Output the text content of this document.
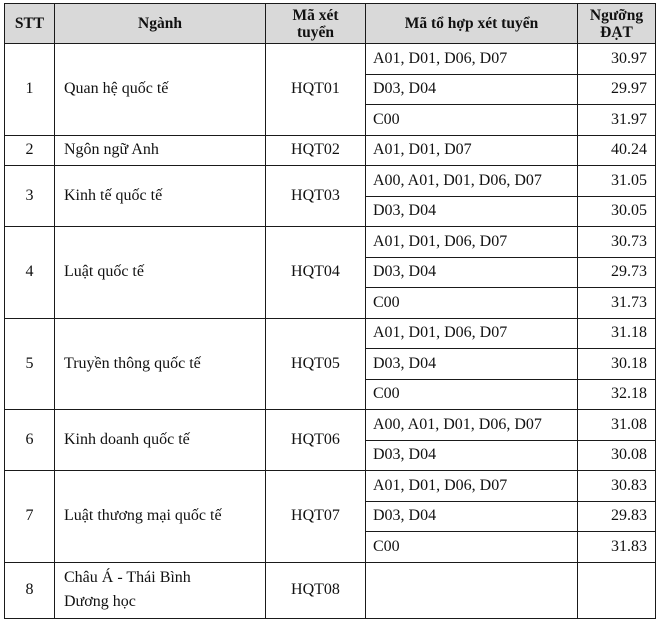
STT	Ngành	Mã xét tuyển	Mã tổ hợp xét tuyển	Ngưỡng ĐẠT
1	Quan hệ quốc tế	HQT01	A01, D01, D06, D07	30.97
			D03, D04	29.97
			C00	31.97
2	Ngôn ngữ Anh	HQT02	A01, D01, D07	40.24
3	Kinh tế quốc tế	HQT03	A00, A01, D01, D06, D07	31.05
			D03, D04	30.05
4	Luật quốc tế	HQT04	A01, D01, D06, D07	30.73
			D03, D04	29.73
			C00	31.73
5	Truyền thông quốc tế	HQT05	A01, D01, D06, D07	31.18
			D03, D04	30.18
			C00	32.18
6	Kinh doanh quốc tế	HQT06	A00, A01, D01, D06, D07	31.08
			D03, D04	30.08
7	Luật thương mại quốc tế	HQT07	A01, D01, D06, D07	30.83
			D03, D04	29.83
			C00	31.83
8	Châu Á - Thái Bình Dương học	HQT08		
